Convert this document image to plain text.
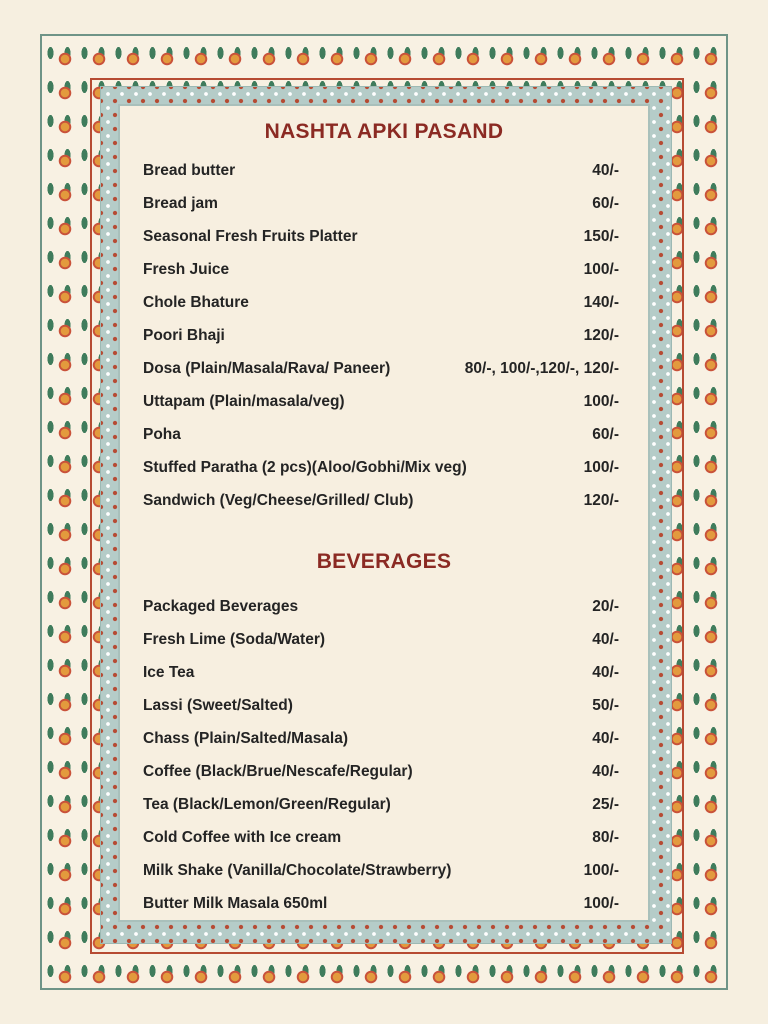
NASHTA APKI PASAND
Bread butter	40/-
Bread jam	60/-
Seasonal Fresh Fruits Platter	150/-
Fresh Juice	100/-
Chole Bhature	140/-
Poori Bhaji	120/-
Dosa (Plain/Masala/Rava/ Paneer)	80/-, 100/-,120/-, 120/-
Uttapam (Plain/masala/veg)	100/-
Poha	60/-
Stuffed Paratha (2 pcs)(Aloo/Gobhi/Mix veg)	100/-
Sandwich (Veg/Cheese/Grilled/ Club)	120/-
BEVERAGES
Packaged Beverages	20/-
Fresh Lime (Soda/Water)	40/-
Ice Tea	40/-
Lassi (Sweet/Salted)	50/-
Chass (Plain/Salted/Masala)	40/-
Coffee (Black/Brue/Nescafe/Regular)	40/-
Tea (Black/Lemon/Green/Regular)	25/-
Cold Coffee with Ice cream	80/-
Milk Shake (Vanilla/Chocolate/Strawberry)	100/-
Butter Milk Masala 650ml	100/-
